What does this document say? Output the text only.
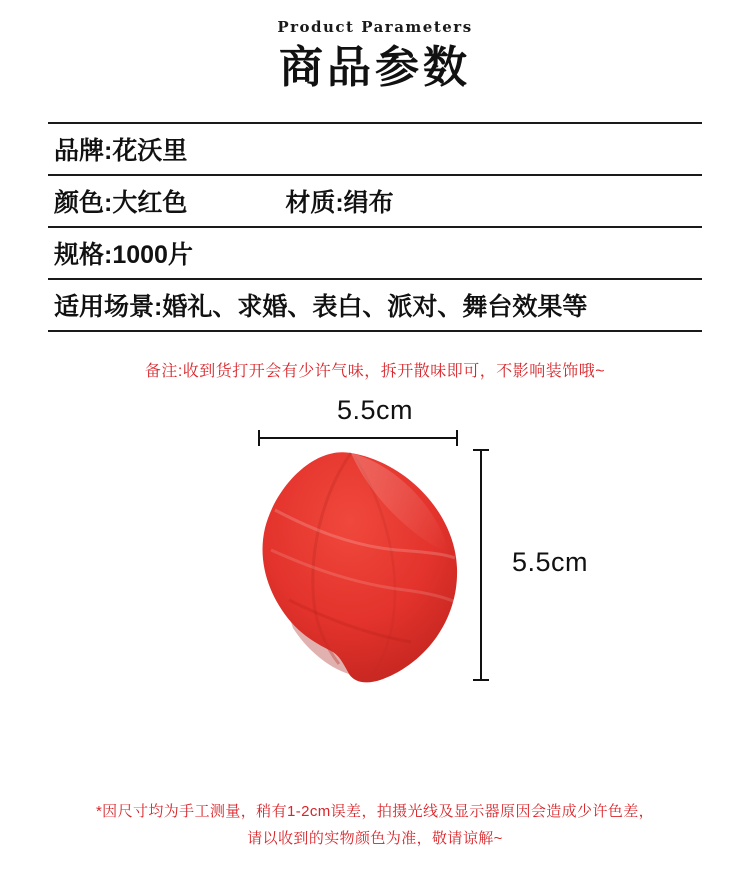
Product Parameters
商品参数
品牌:花沃里
颜色:大红色	材质:绢布
规格:1000片
适用场景:婚礼、求婚、表白、派对、舞台效果等
备注:收到货打开会有少许气味，拆开散味即可，不影响装饰哦~
5.5cm
5.5cm
*因尺寸均为手工测量，稍有1-2cm误差，拍摄光线及显示器原因会造成少许色差，
请以收到的实物颜色为准，敬请谅解~
